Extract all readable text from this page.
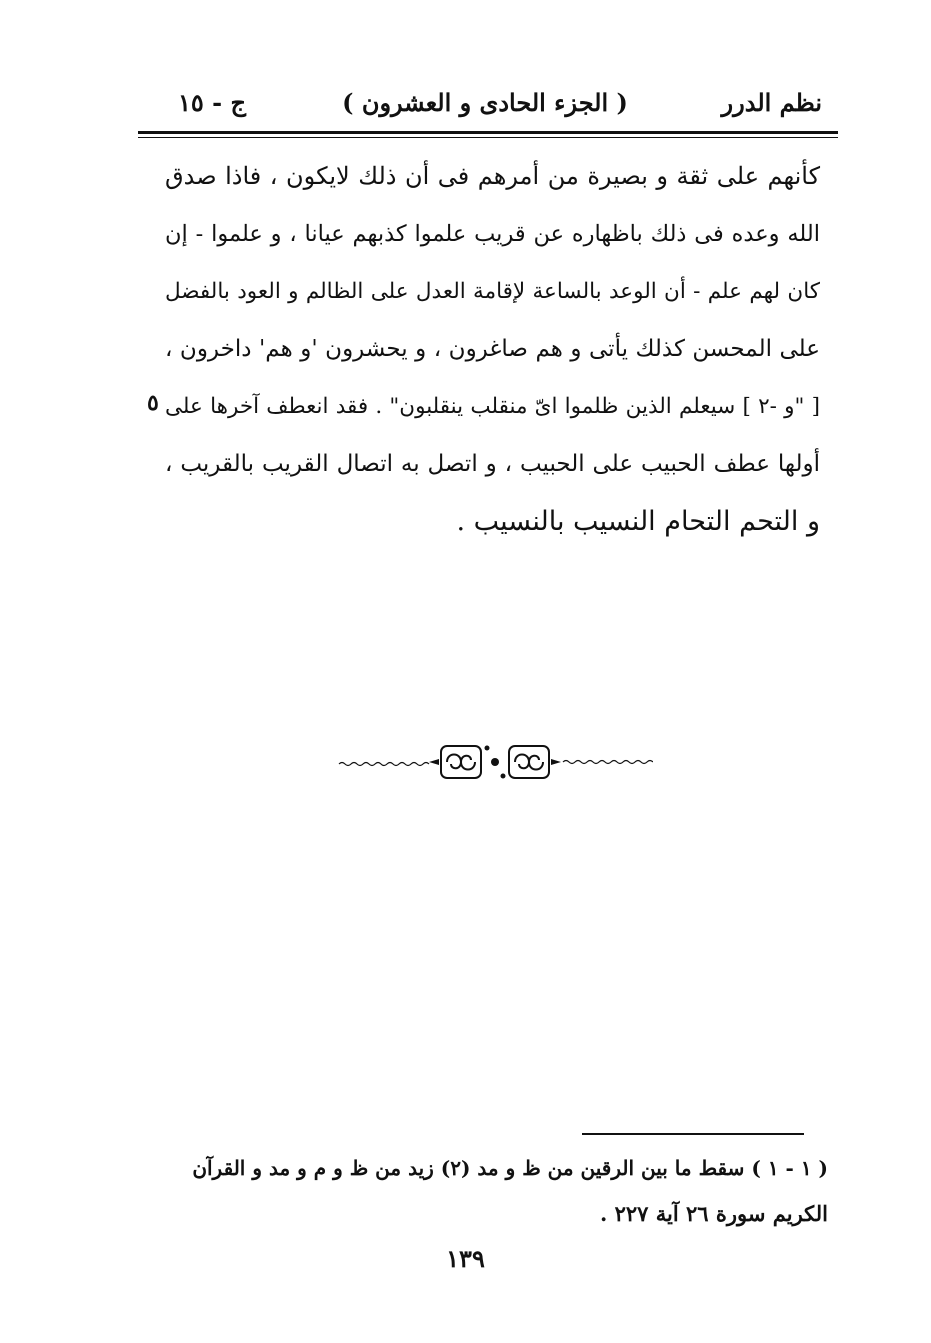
نظم الدرر
( الجزء الحادى و العشرون )
ج - ١٥
كأنهم على ثقة و بصيرة من أمرهم فى أن ذلك لايكون ، فاذا صدق
الله وعده فى ذلك باظهاره عن قريب علموا كذبهم عيانا ، و علموا - إن
كان لهم علم - أن الوعد بالساعة لإقامة العدل على الظالم و العود بالفضل
على المحسن كذلك يأتى و هم صاغرون ، و يحشرون 'و هم' داخرون ،
[ "و -٢ ] سيعلم الذين ظلموا اىّ منقلب ينقلبون" . فقد انعطف آخرها على
أولها عطف الحبيب على الحبيب ، و اتصل به اتصال القريب بالقريب ،
و التحم التحام النسيب بالنسيب .
٥
( ١ - ١ ) سقط ما بين الرقين من ظ و مد (٢) زيد من ظ و م و مد و القرآن
الكريم سورة ٢٦ آية ٢٢٧ .
١٣٩
